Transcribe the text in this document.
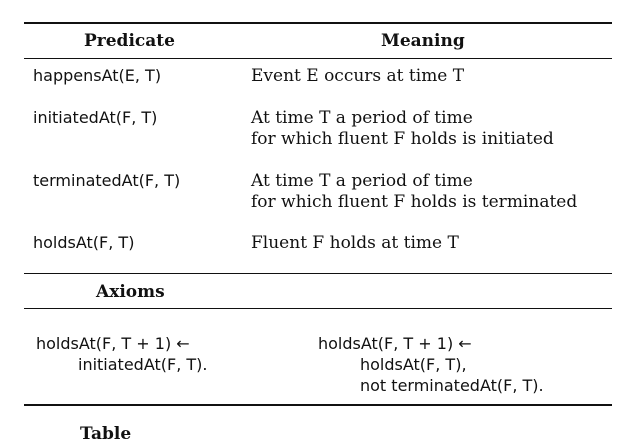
Predicate	Meaning
happensAt(E, T)	Event E occurs at time T
initiatedAt(F, T)	At time T a period of time
for which fluent F holds is initiated
terminatedAt(F, T)	At time T a period of time
for which fluent F holds is terminated
holdsAt(F, T)	Fluent F holds at time T
Axioms
holdsAt(F, T + 1) ←
initiatedAt(F, T).
holdsAt(F, T + 1) ←
holdsAt(F, T),
not terminatedAt(F, T).
Table
